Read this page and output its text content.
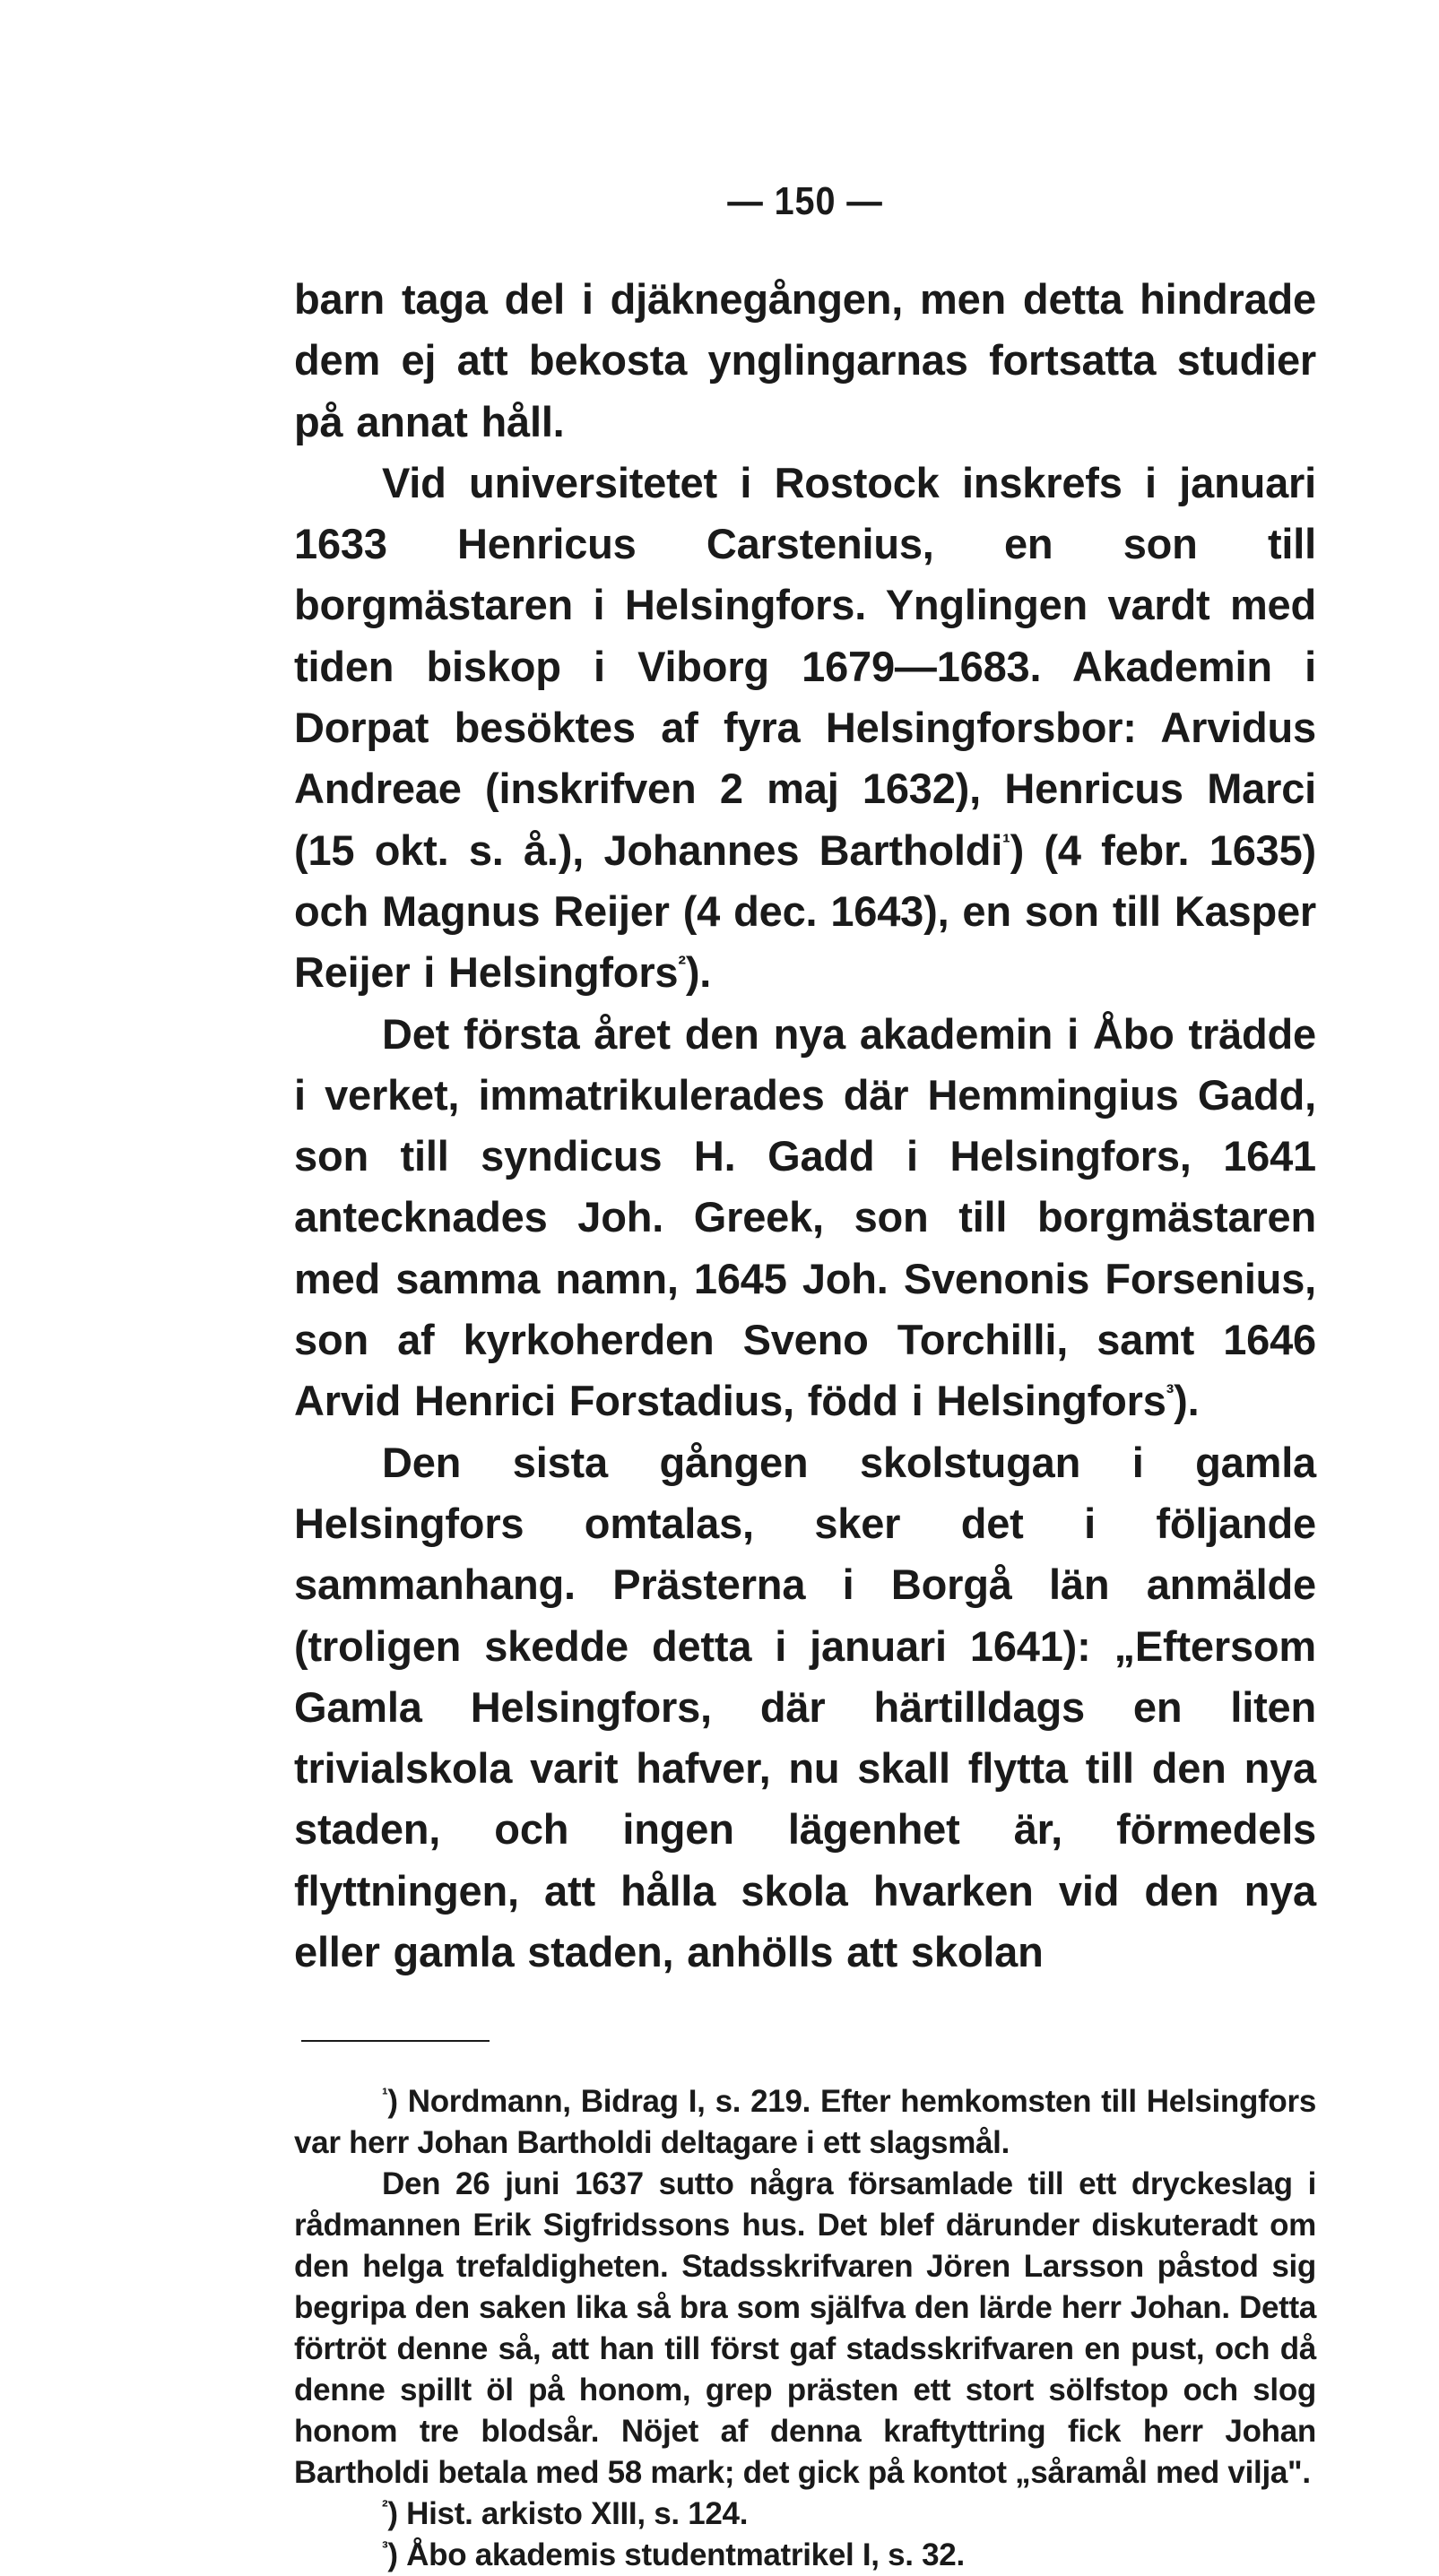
— 150 —

barn taga del i djäknegången, men detta hindrade dem ej att bekosta ynglingarnas fortsatta studier på annat håll.

Vid universitetet i Rostock inskrefs i januari 1633 Henricus Carstenius, en son till borgmästaren i Helsingfors. Ynglingen vardt med tiden biskop i Viborg 1679—1683. Akademin i Dorpat besöktes af fyra Helsingforsbor: Arvidus Andreae (inskrifven 2 maj 1632), Henricus Marci (15 okt. s. å.), Johannes Bartholdi$^{^1}$) (4 febr. 1635) och Magnus Reijer (4 dec. 1643), en son till Kasper Reijer i Helsingfors$^{^2}$).

Det första året den nya akademin i Åbo trädde i verket, immatrikulerades där Hemmingius Gadd, son till syndicus H. Gadd i Helsingfors, 1641 antecknades Joh. Greek, son till borgmästaren med samma namn, 1645 Joh. Svenonis Forsenius, son af kyrkoherden Sveno Torchilli, samt 1646 Arvid Henrici Forstadius, född i Helsingfors$^{^3}$).

Den sista gången skolstugan i gamla Helsingfors omtalas, sker det i följande sammanhang. Prästerna i Borgå län anmälde (troligen skedde detta i januari 1641): „Eftersom Gamla Helsingfors, där härtilldags en liten trivialskola varit hafver, nu skall flytta till den nya staden, och ingen lägenhet är, förmedels flyttningen, att hålla skola hvarken vid den nya eller gamla staden, anhölls att skolan

$^{^1}$) Nordmann, Bidrag I, s. 219. Efter hemkomsten till Helsingfors var herr Johan Bartholdi deltagare i ett slagsmål.

Den 26 juni 1637 sutto några församlade till ett dryckeslag i rådmannen Erik Sigfridssons hus. Det blef därunder diskuteradt om den helga trefaldigheten. Stadsskrifvaren Jören Larsson påstod sig begripa den saken lika så bra som själfva den lärde herr Johan. Detta förtröt denne så, att han till först gaf stadsskrifvaren en pust, och då denne spillt öl på honom, grep prästen ett stort sölfstop och slog honom tre blodsår. Nöjet af denna kraftyttring fick herr Johan Bartholdi betala med 58 mark; det gick på kontot „såramål med vilja".

$^{^2}$) Hist. arkisto XIII, s. 124.

$^{^3}$) Åbo akademis studentmatrikel I, s. 32.
